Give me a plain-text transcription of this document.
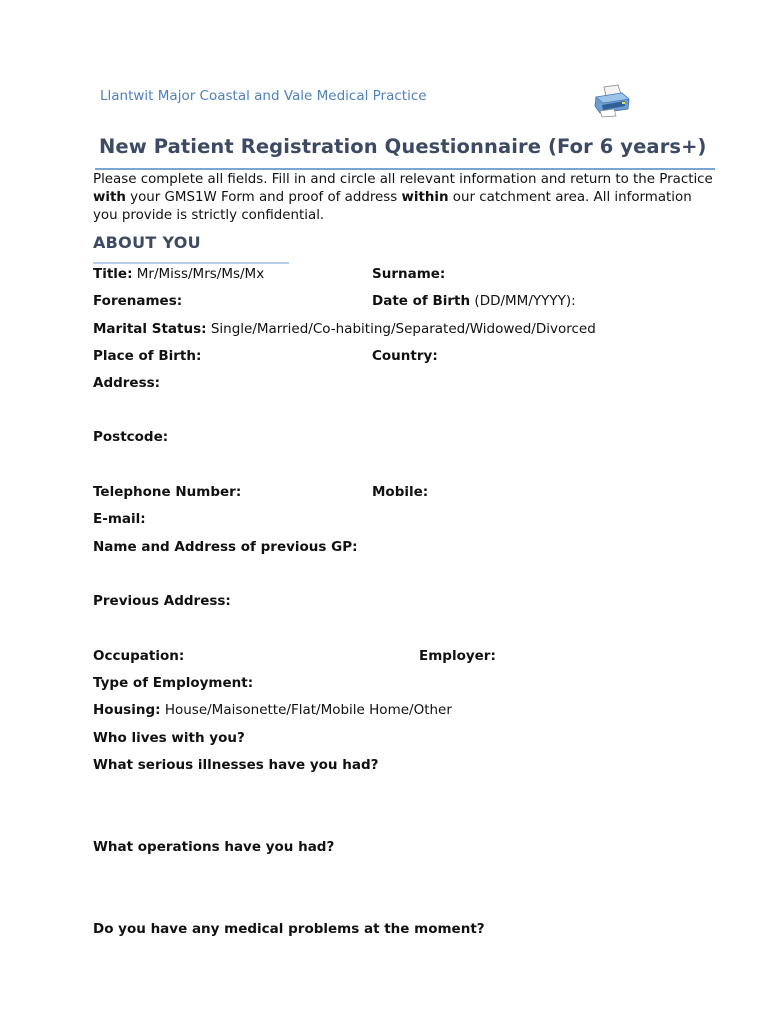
Llantwit Major Coastal and Vale Medical Practice
New Patient Registration Questionnaire (For 6 years+)
Please complete all fields. Fill in and circle all relevant information and return to the Practice with your GMS1W Form and proof of address within our catchment area. All information you provide is strictly confidential.
ABOUT YOU
Title: Mr/Miss/Mrs/Ms/Mx	Surname:
Forenames:	Date of Birth (DD/MM/YYYY):
Marital Status: Single/Married/Co-habiting/Separated/Widowed/Divorced
Place of Birth:	Country:
Address:
Postcode:
Telephone Number:	Mobile:
E-mail:
Name and Address of previous GP:
Previous Address:
Occupation:	Employer:
Type of Employment:
Housing: House/Maisonette/Flat/Mobile Home/Other
Who lives with you?
What serious illnesses have you had?
What operations have you had?
Do you have any medical problems at the moment?
